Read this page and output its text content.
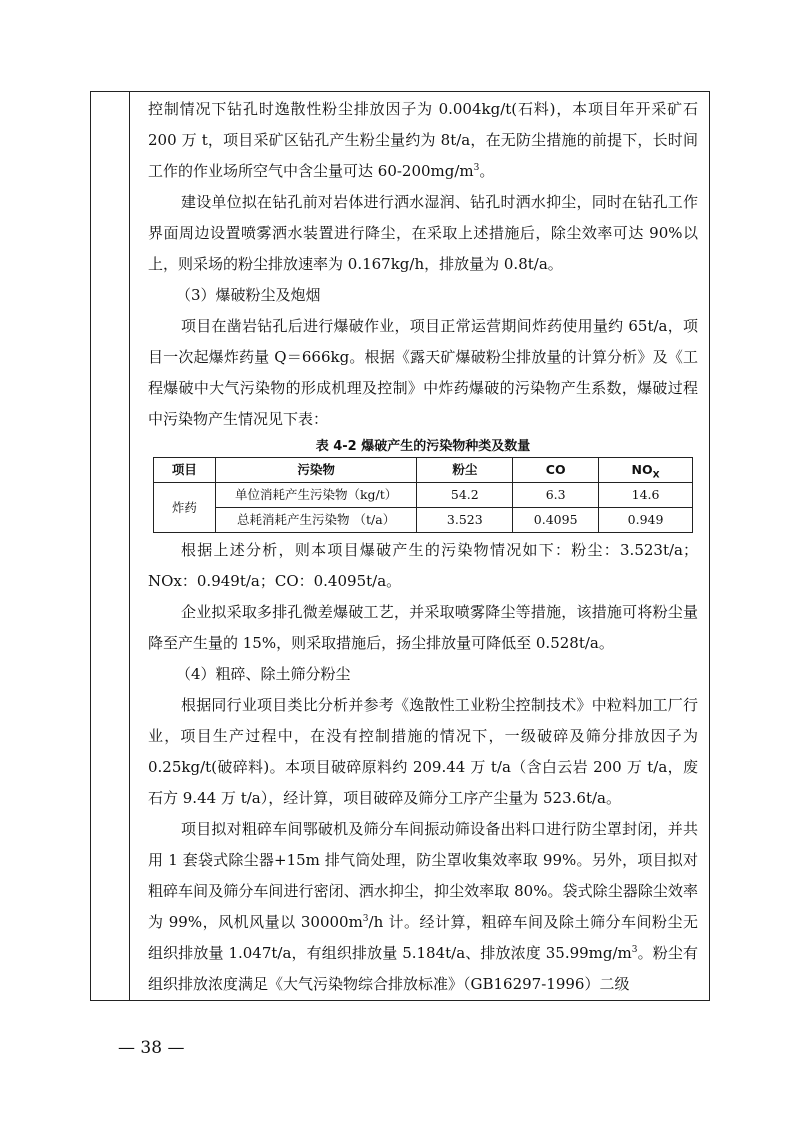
控制情况下钻孔时逸散性粉尘排放因子为 0.004kg/t(石料)，本项目年开采矿石 200 万 t，项目采矿区钻孔产生粉尘量约为 8t/a，在无防尘措施的前提下，长时间工作的作业场所空气中含尘量可达 $60-200mg/m^3$。

建设单位拟在钻孔前对岩体进行洒水湿润、钻孔时洒水抑尘，同时在钻孔工作界面周边设置喷雾洒水装置进行降尘，在采取上述措施后，除尘效率可达 90%以上，则采场的粉尘排放速率为 0.167kg/h，排放量为 0.8t/a。

（3）爆破粉尘及炮烟

项目在凿岩钻孔后进行爆破作业，项目正常运营期间炸药使用量约 65t/a，项目一次起爆炸药量 Q＝666kg。根据《露天矿爆破粉尘排放量的计算分析》及《工程爆破中大气污染物的形成机理及控制》中炸药爆破的污染物产生系数，爆破过程中污染物产生情况见下表：

表 4-2 爆破产生的污染物种类及数量
项目	污染物	粉尘	CO	$NO_X$
炸药	单位消耗产生污染物（kg/t）	54.2	6.3	14.6
	总耗消耗产生污染物 （t/a）	3.523	0.4095	0.949

根据上述分析，则本项目爆破产生的污染物情况如下：粉尘：3.523t/a；NOx：0.949t/a；CO：0.4095t/a。

企业拟采取多排孔微差爆破工艺，并采取喷雾降尘等措施，该措施可将粉尘量降至产生量的 15%，则采取措施后，扬尘排放量可降低至 0.528t/a。

（4）粗碎、除土筛分粉尘

根据同行业项目类比分析并参考《逸散性工业粉尘控制技术》中粒料加工厂行业，项目生产过程中，在没有控制措施的情况下，一级破碎及筛分排放因子为 0.25kg/t(破碎料)。本项目破碎原料约 209.44 万 t/a（含白云岩 200 万 t/a，废石方 9.44 万 t/a），经计算，项目破碎及筛分工序产尘量为 523.6t/a。

项目拟对粗碎车间鄂破机及筛分车间振动筛设备出料口进行防尘罩封闭，并共用 1 套袋式除尘器+15m 排气筒处理，防尘罩收集效率取 99%。另外，项目拟对粗碎车间及筛分车间进行密闭、洒水抑尘，抑尘效率取 80%。袋式除尘器除尘效率为 99%，风机风量以 $30000m^3/h$ 计。经计算，粗碎车间及除土筛分车间粉尘无组织排放量 1.047t/a，有组织排放量 5.184t/a、排放浓度 $35.99mg/m^3$。粉尘有组织排放浓度满足《大气污染物综合排放标准》（GB16297-1996）二级

— 38 —
